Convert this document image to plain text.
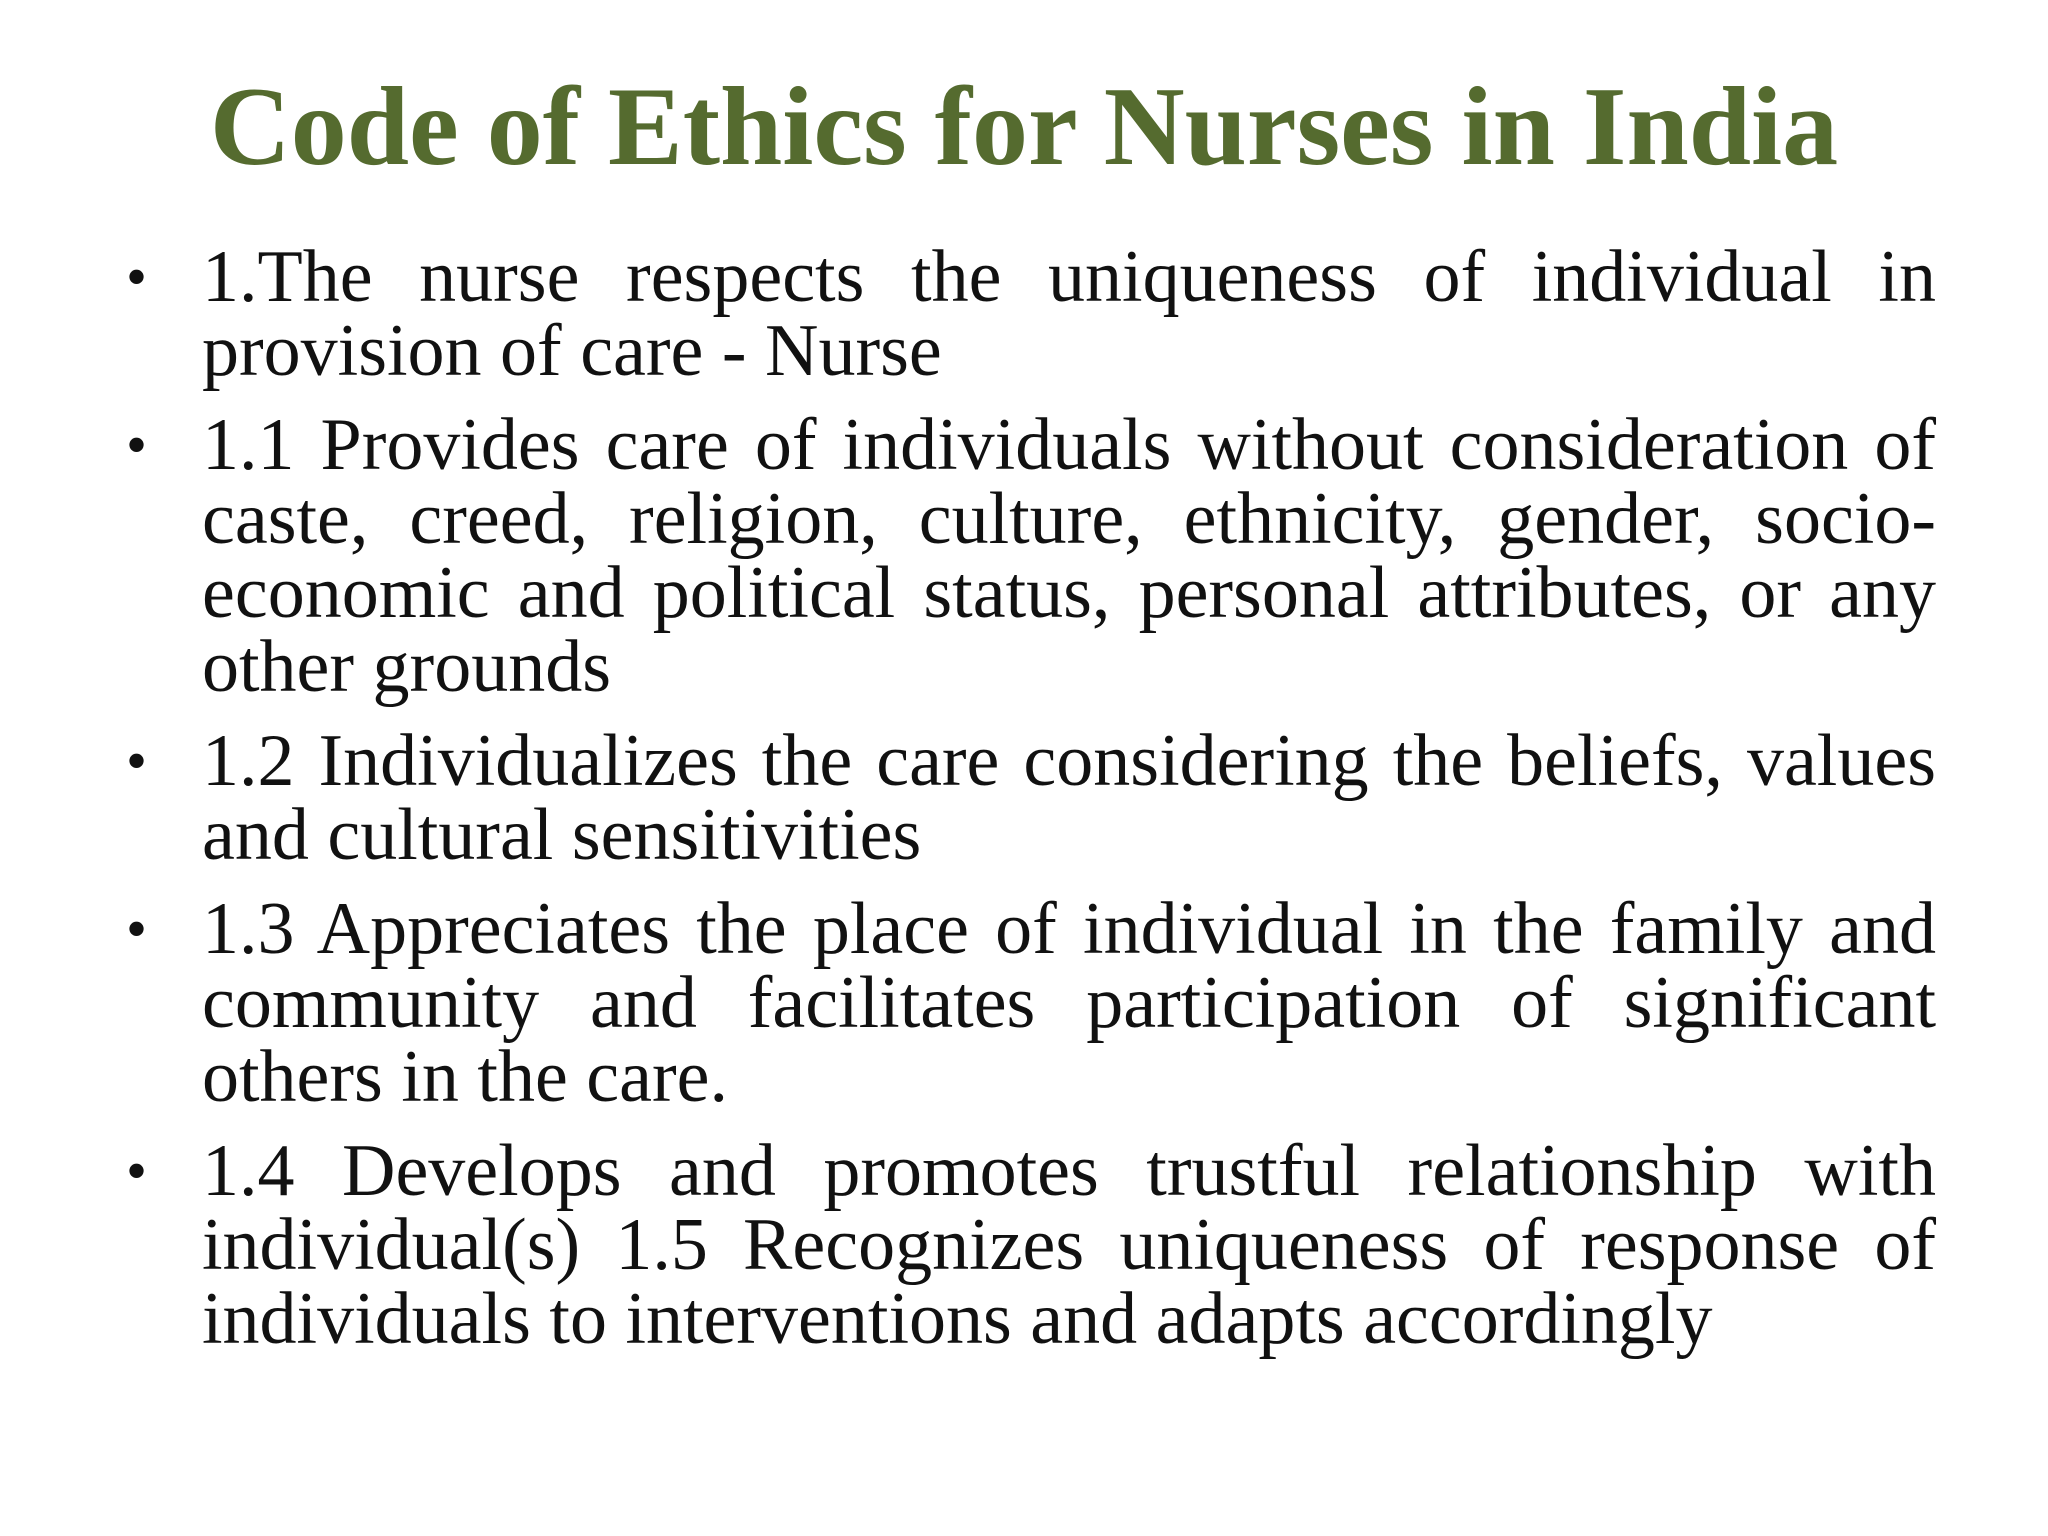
Code of Ethics for Nurses in India
• 1.The nurse respects the uniqueness of individual in provision of care - Nurse
• 1.1 Provides care of individuals without consideration of caste, creed, religion, culture, ethnicity, gender, socio-economic and political status, personal attributes, or any other grounds
• 1.2 Individualizes the care considering the beliefs, values and cultural sensitivities
• 1.3 Appreciates the place of individual in the family and community and facilitates participation of significant others in the care.
• 1.4 Develops and promotes trustful relationship with individual(s) 1.5 Recognizes uniqueness of response of individuals to interventions and adapts accordingly
